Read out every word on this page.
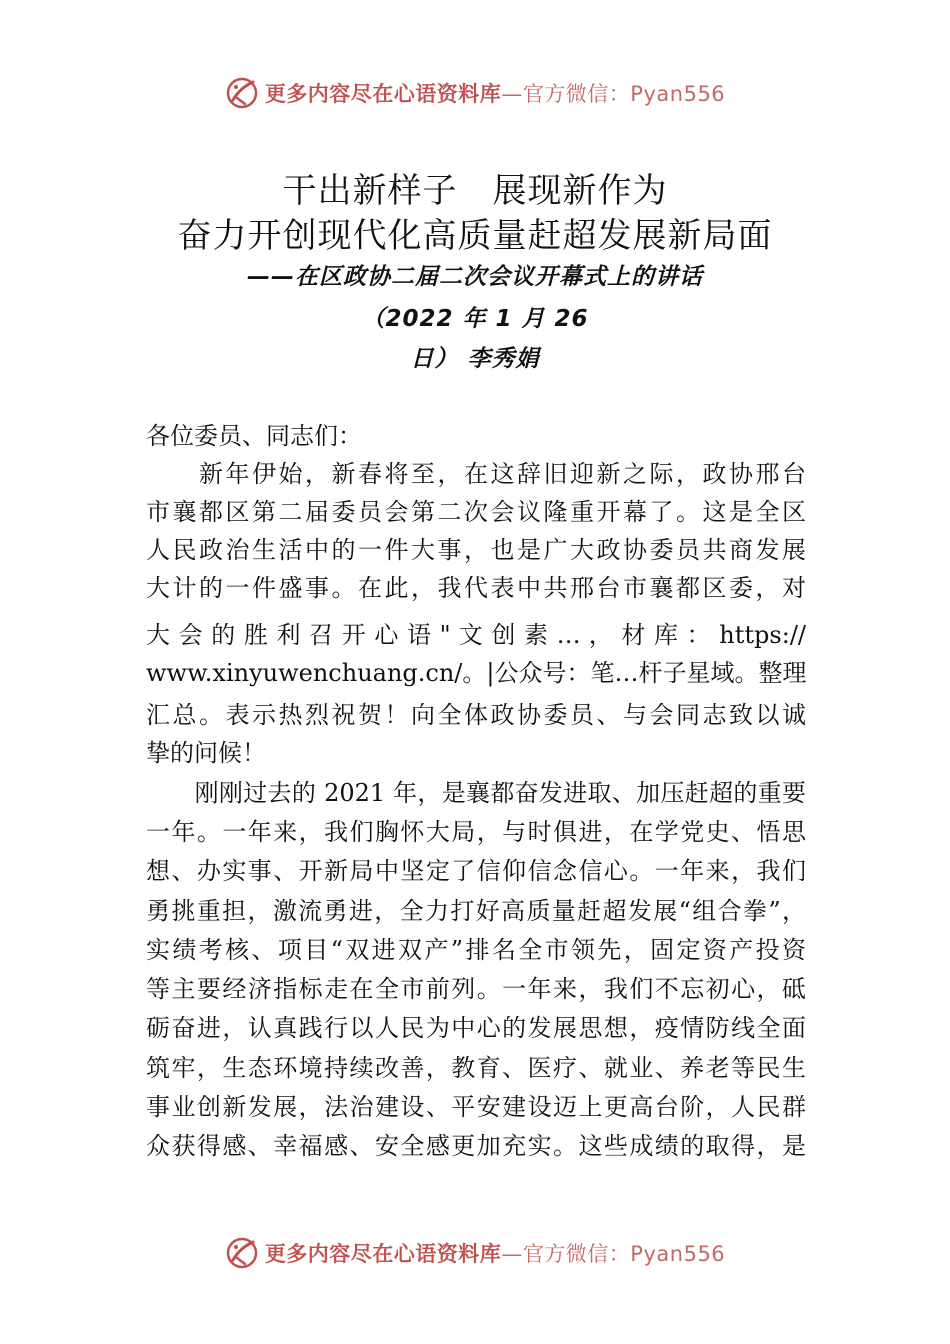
更多内容尽在心语资料库—官方微信：Pyan556
干出新样子　展现新作为
奋力开创现代化高质量赶超发展新局面
——在区政协二届二次会议开幕式上的讲话
（2022 年 1 月 26
日） 李秀娟
各位委员、同志们：
　　新年伊始，新春将至，在这辞旧迎新之际，政协邢台
市襄都区第二届委员会第二次会议隆重开幕了。这是全区
人民政治生活中的一件大事，也是广大政协委员共商发展
大计的一件盛事。在此，我代表中共邢台市襄都区委，对
大 会 的 胜 利 召 开 心 语 " 文 创 素 … ， 材 库 ： https://
www.xinyuwenchuang.cn/。|公众号：笔…杆子星域。整理
汇总。表示热烈祝贺！向全体政协委员、与会同志致以诚
挚的问候！
　　刚刚过去的 2021 年，是襄都奋发进取、加压赶超的重要
一年。一年来，我们胸怀大局，与时俱进，在学党史、悟思
想、办实事、开新局中坚定了信仰信念信心。一年来，我们
勇挑重担，激流勇进，全力打好高质量赶超发展“组合拳”，
实绩考核、项目“双进双产”排名全市领先，固定资产投资
等主要经济指标走在全市前列。一年来，我们不忘初心，砥
砺奋进，认真践行以人民为中心的发展思想，疫情防线全面
筑牢，生态环境持续改善，教育、医疗、就业、养老等民生
事业创新发展，法治建设、平安建设迈上更高台阶，人民群
众获得感、幸福感、安全感更加充实。这些成绩的取得，是
更多内容尽在心语资料库—官方微信：Pyan556
